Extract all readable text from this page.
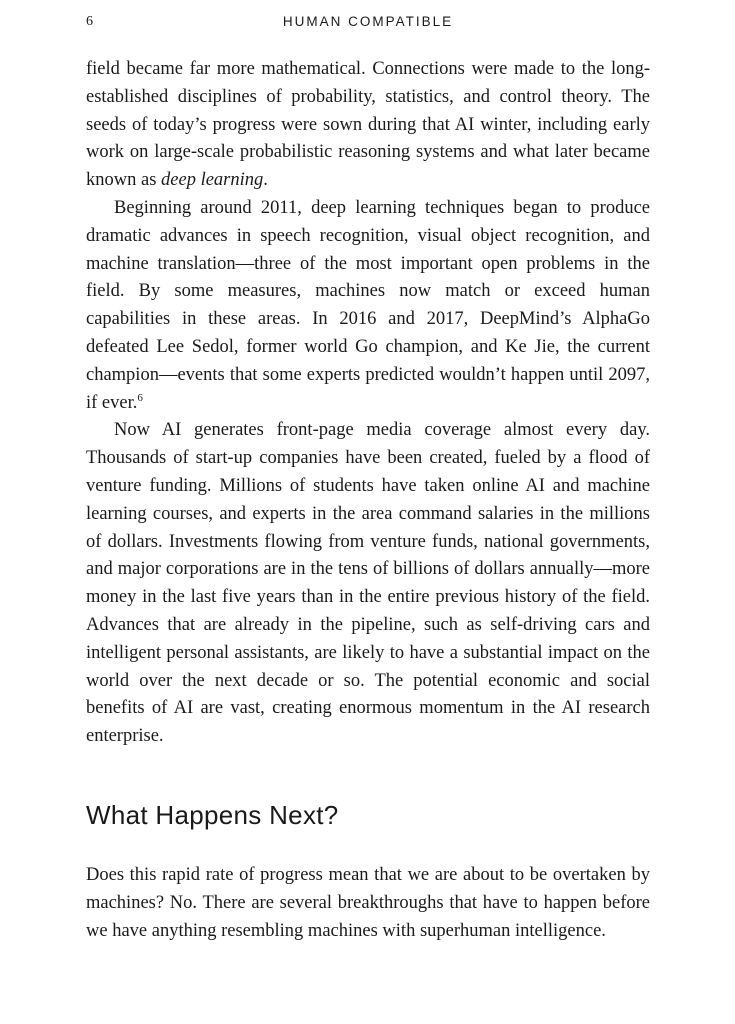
6	HUMAN COMPATIBLE

field became far more mathematical. Connections were made to the long-established disciplines of probability, statistics, and control theory. The seeds of today’s progress were sown during that AI winter, including early work on large-scale probabilistic reasoning systems and what later became known as deep learning.

Beginning around 2011, deep learning techniques began to produce dramatic advances in speech recognition, visual object recognition, and machine translation—three of the most important open problems in the field. By some measures, machines now match or exceed human capabilities in these areas. In 2016 and 2017, DeepMind’s AlphaGo defeated Lee Sedol, former world Go champion, and Ke Jie, the current champion—events that some experts predicted wouldn’t happen until 2097, if ever.$^6$

Now AI generates front-page media coverage almost every day. Thousands of start-up companies have been created, fueled by a flood of venture funding. Millions of students have taken online AI and machine learning courses, and experts in the area command salaries in the millions of dollars. Investments flowing from venture funds, national governments, and major corporations are in the tens of billions of dollars annually—more money in the last five years than in the entire previous history of the field. Advances that are already in the pipeline, such as self-driving cars and intelligent personal assistants, are likely to have a substantial impact on the world over the next decade or so. The potential economic and social benefits of AI are vast, creating enormous momentum in the AI research enterprise.

What Happens Next?

Does this rapid rate of progress mean that we are about to be overtaken by machines? No. There are several breakthroughs that have to happen before we have anything resembling machines with superhuman intelligence.
